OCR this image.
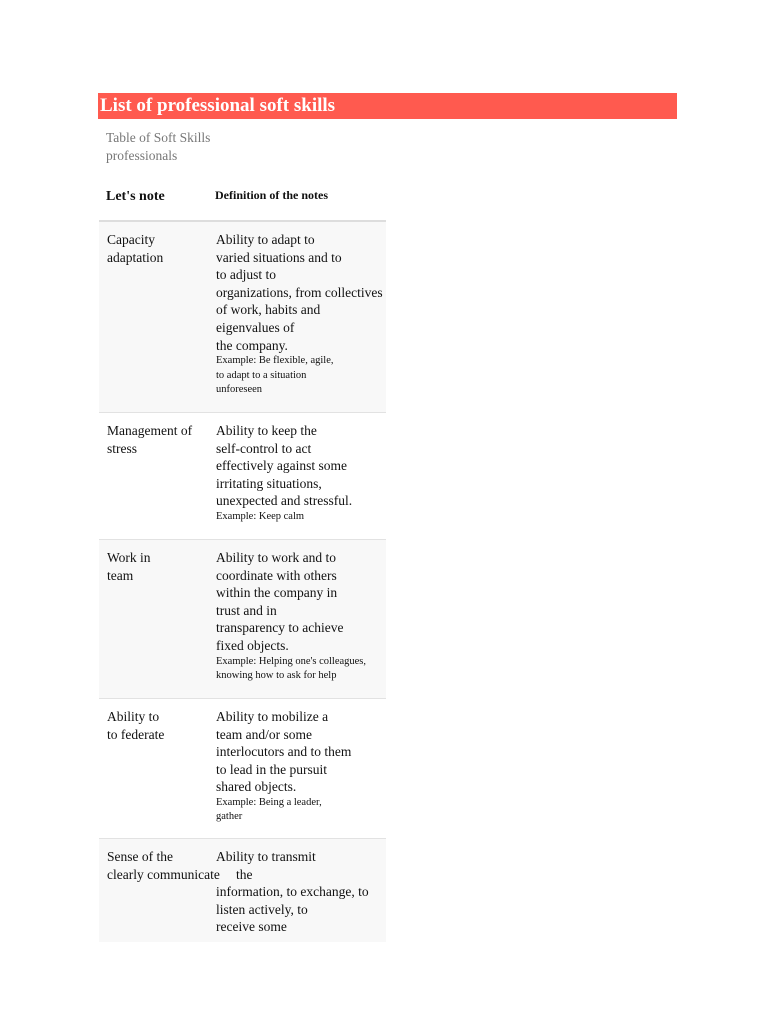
List of professional soft skills
Table of Soft Skills
professionals
Let's note	Definition of the notes
Capacity
adaptation
Ability to adapt to
varied situations and to
to adjust to
organizations, from collectives
of work, habits and
eigenvalues of
the company.
Example: Be flexible, agile,
to adapt to a situation
unforeseen
Management of
stress
Ability to keep the
self-control to act
effectively against some
irritating situations,
unexpected and stressful.
Example: Keep calm
Work in
team
Ability to work and to
coordinate with others
within the company in
trust and in
transparency to achieve
fixed objects.
Example: Helping one's colleagues,
knowing how to ask for help
Ability to
to federate
Ability to mobilize a
team and/or some
interlocutors and to them
to lead in the pursuit
shared objects.
Example: Being a leader,
gather
Sense of the
clearly communicate
Ability to transmit
the
information, to exchange, to
listen actively, to
receive some
